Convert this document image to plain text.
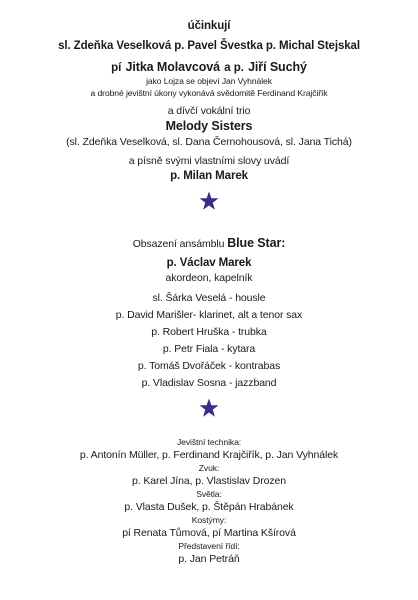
účinkují
sl. Zdeňka Veselková p. Pavel Švestka p. Michal Stejskal
pí Jitka Molavcová a p. Jiří Suchý
jako Lojza se objeví Jan Vyhnálek
a drobné jevištní úkony vykonává svědomitě Ferdinand Krajčiřík
a dívčí vokální trio
Melody Sisters
(sl. Zdeňka Veselková, sl. Dana Černohousová, sl. Jana Tichá)
a písně svými vlastními slovy uvádí
p. Milan Marek
Obsazení ansámblu Blue Star:
p. Václav Marek
akordeon, kapelník
sl. Šárka Veselá - housle
p. David Marišler- klarinet, alt a tenor sax
p. Robert Hruška - trubka
p. Petr Fiala - kytara
p. Tomáš Dvořáček - kontrabas
p. Vladislav Sosna - jazzband
Jevištní technika:
p. Antonín Müller, p. Ferdinand Krajčiřík, p. Jan Vyhnálek
Zvuk:
p. Karel Jína, p. Vlastislav Drozen
Světla:
p. Vlasta Dušek, p. Štěpán Hrabánek
Kostýmy:
pí Renata Tůmová, pí Martina Kšírová
Představení řídí:
p. Jan Petráň
